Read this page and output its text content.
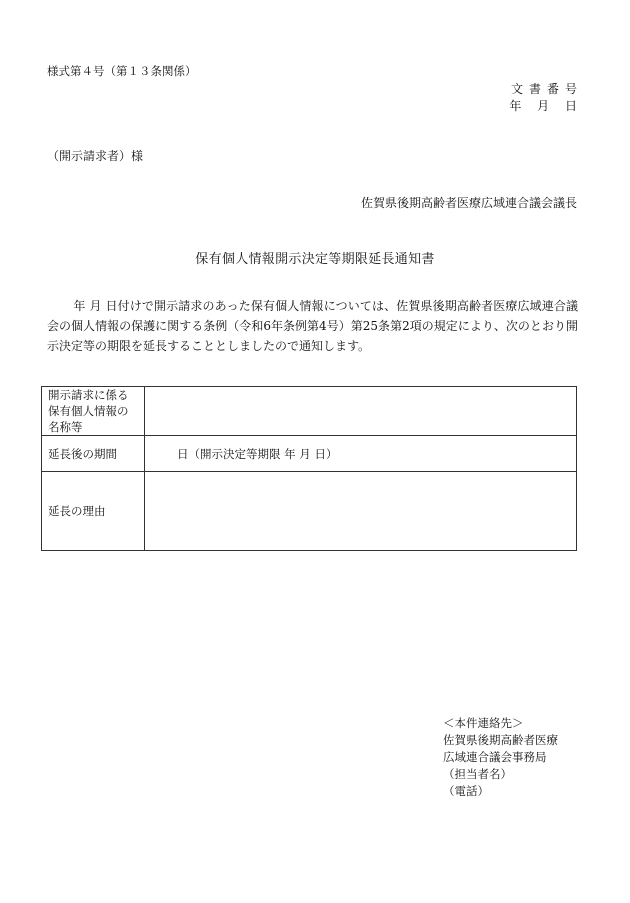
様式第４号（第１３条関係）
文書番号
年 月 日
（開示請求者）様
佐賀県後期高齢者医療広域連合議会議長
保有個人情報開示決定等期限延長通知書

年 月 日付けで開示請求のあった保有個人情報については、佐賀県後期高齢者医療広域連合議会の個人情報の保護に関する条例（令和6年条例第4号）第25条第2項の規定により、次のとおり開示決定等の期限を延長することとしましたので通知します。

開示請求に係る保有個人情報の名称等	
延長後の期間	日（開示決定等期限 年 月 日）
延長の理由	
＜本件連絡先＞
佐賀県後期高齢者医療
広域連合議会事務局
（担当者名）
（電話）
